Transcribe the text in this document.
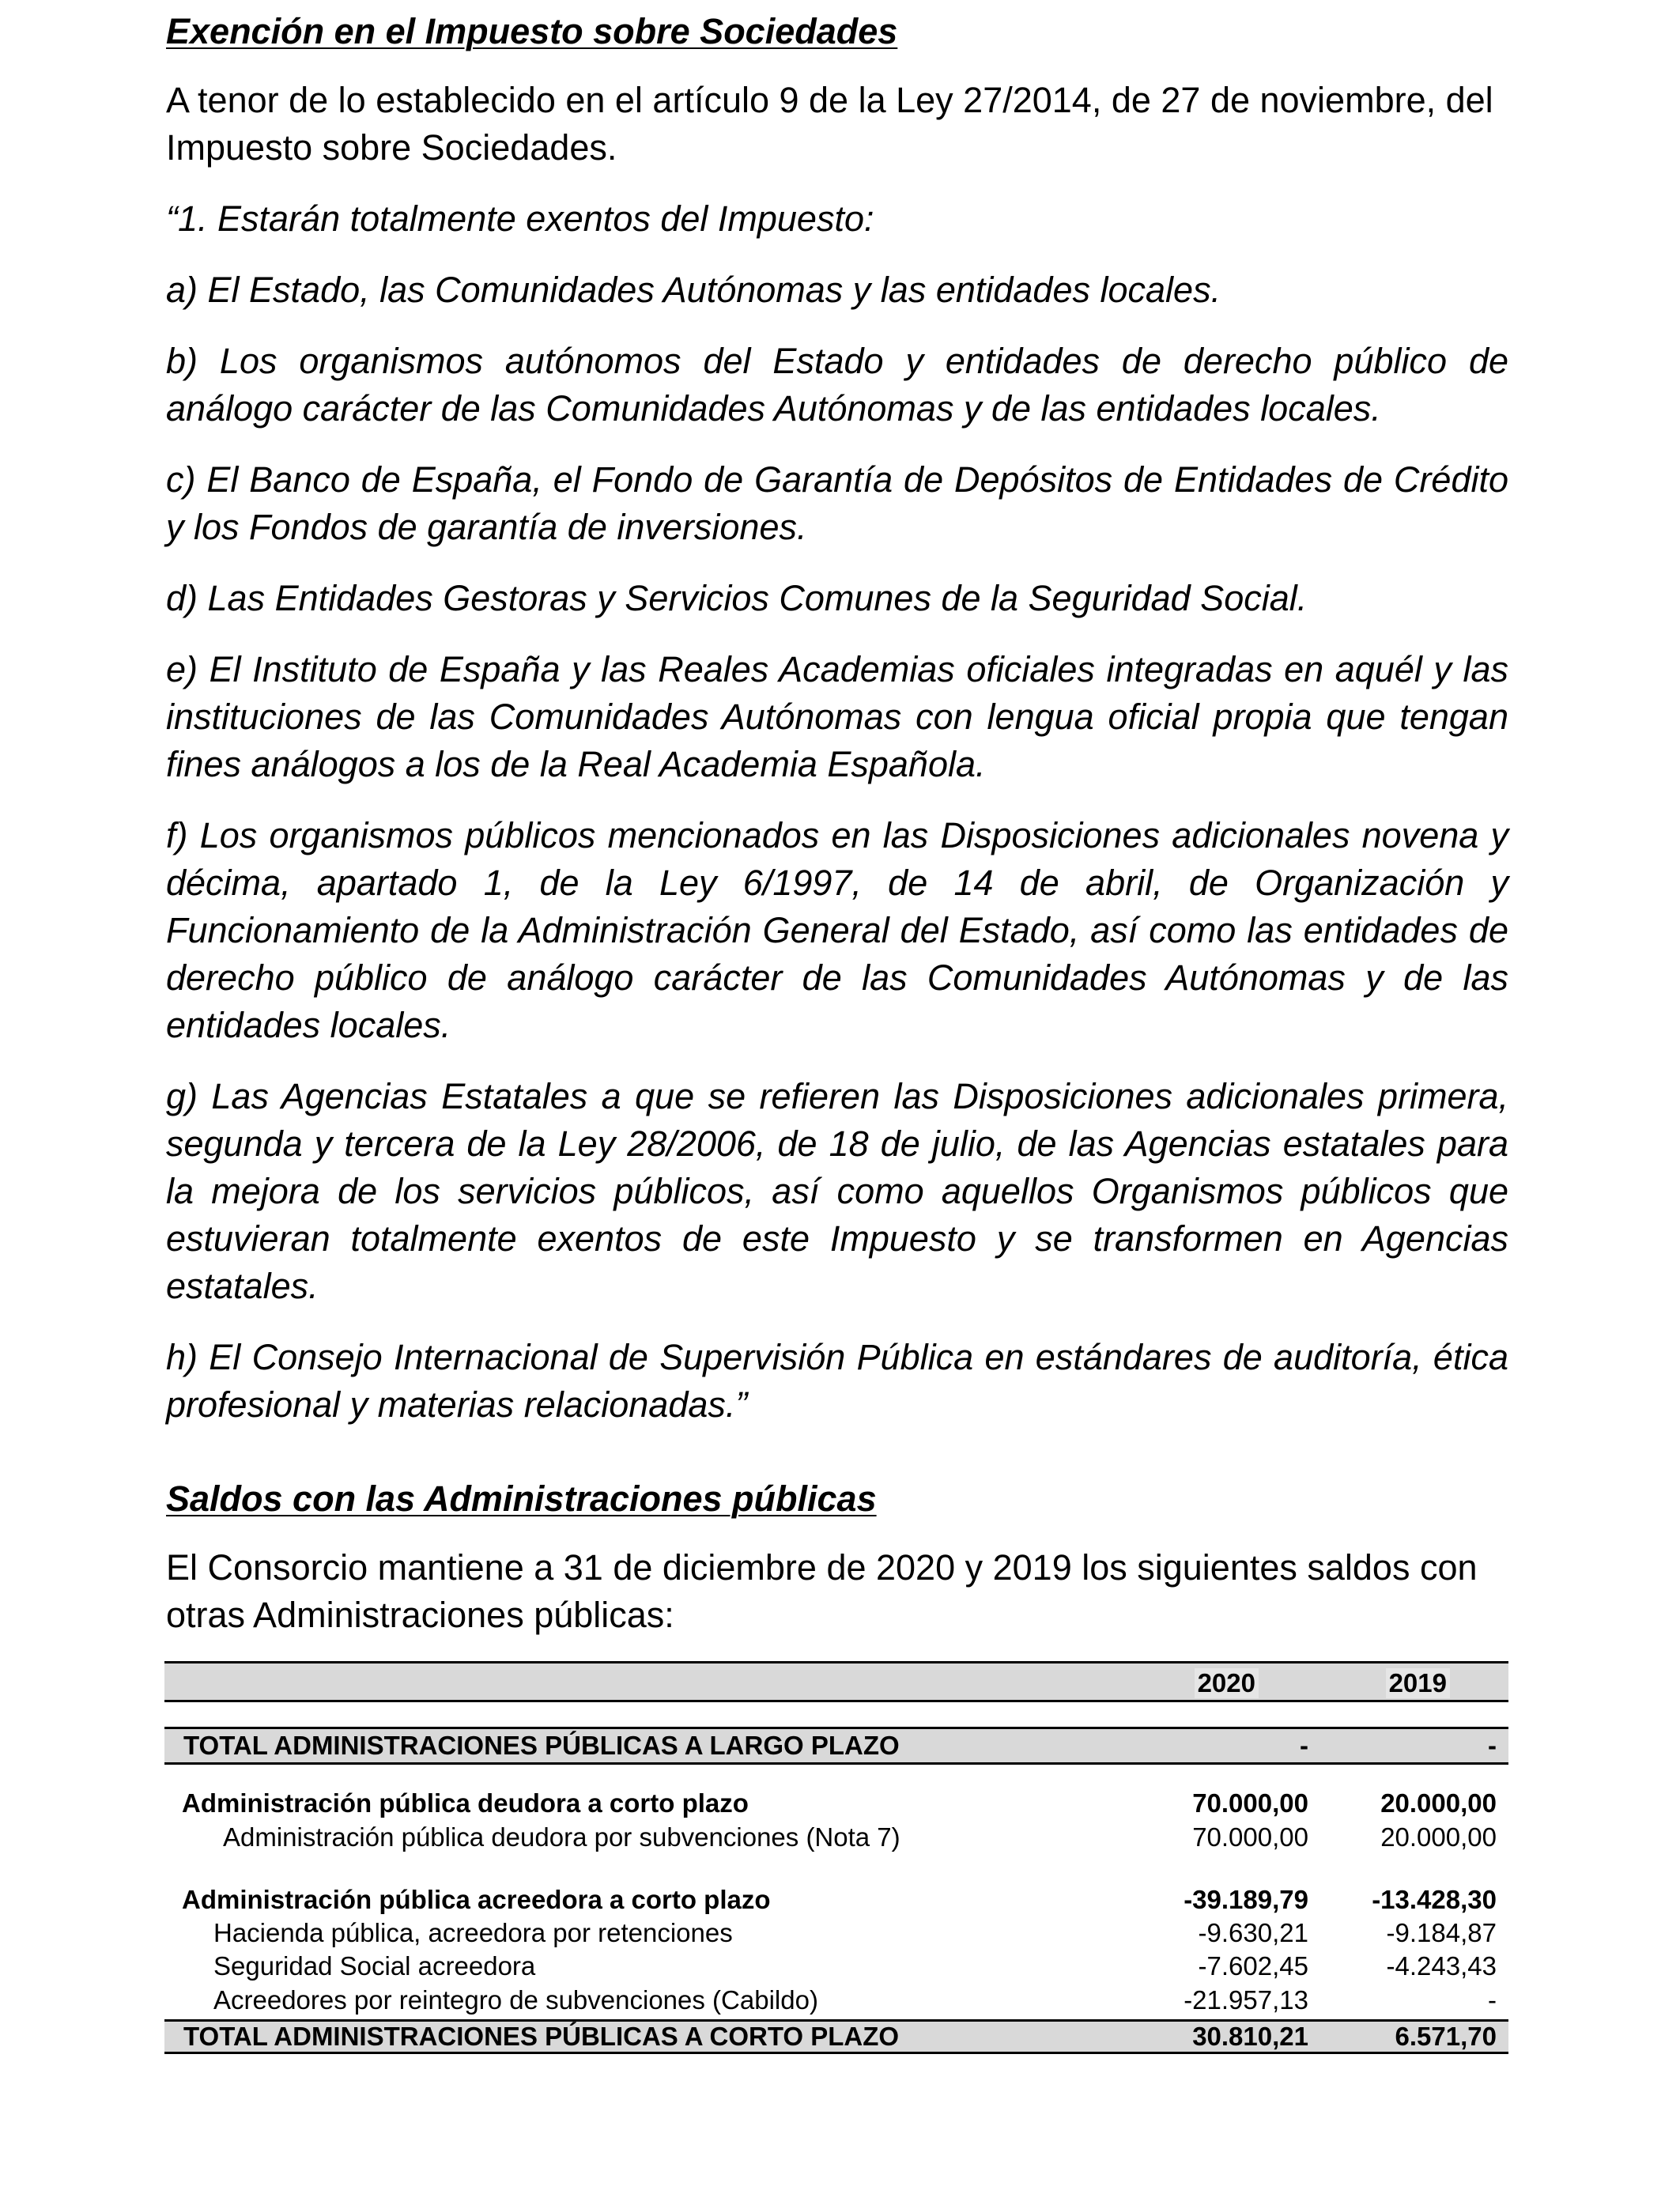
Exención en el Impuesto sobre Sociedades

A tenor de lo establecido en el artículo 9 de la Ley 27/2014, de 27 de noviembre, del Impuesto sobre Sociedades.

“1. Estarán totalmente exentos del Impuesto:

a) El Estado, las Comunidades Autónomas y las entidades locales.

b) Los organismos autónomos del Estado y entidades de derecho público de análogo carácter de las Comunidades Autónomas y de las entidades locales.

c) El Banco de España, el Fondo de Garantía de Depósitos de Entidades de Crédito y los Fondos de garantía de inversiones.

d) Las Entidades Gestoras y Servicios Comunes de la Seguridad Social.

e) El Instituto de España y las Reales Academias oficiales integradas en aquél y las instituciones de las Comunidades Autónomas con lengua oficial propia que tengan fines análogos a los de la Real Academia Española.

f) Los organismos públicos mencionados en las Disposiciones adicionales novena y décima, apartado 1, de la Ley 6/1997, de 14 de abril, de Organización y Funcionamiento de la Administración General del Estado, así como las entidades de derecho público de análogo carácter de las Comunidades Autónomas y de las entidades locales.

g) Las Agencias Estatales a que se refieren las Disposiciones adicionales primera, segunda y tercera de la Ley 28/2006, de 18 de julio, de las Agencias estatales para la mejora de los servicios públicos, así como aquellos Organismos públicos que estuvieran totalmente exentos de este Impuesto y se transformen en Agencias estatales.

h) El Consejo Internacional de Supervisión Pública en estándares de auditoría, ética profesional y materias relacionadas.”

Saldos con las Administraciones públicas

El Consorcio mantiene a 31 de diciembre de 2020 y 2019 los siguientes saldos con otras Administraciones públicas:

2020	2019
TOTAL ADMINISTRACIONES PÚBLICAS A LARGO PLAZO	-	-
Administración pública deudora a corto plazo	70.000,00	20.000,00
Administración pública deudora por subvenciones (Nota 7)	70.000,00	20.000,00
Administración pública acreedora a corto plazo	-39.189,79 -13.428,30
Hacienda pública, acreedora por retenciones	-9.630,21	-9.184,87
Seguridad Social acreedora	-7.602,45	-4.243,43
Acreedores por reintegro de subvenciones (Cabildo)	-21.957,13	-
TOTAL ADMINISTRACIONES PÚBLICAS A CORTO PLAZO	30.810,21	6.571,70
